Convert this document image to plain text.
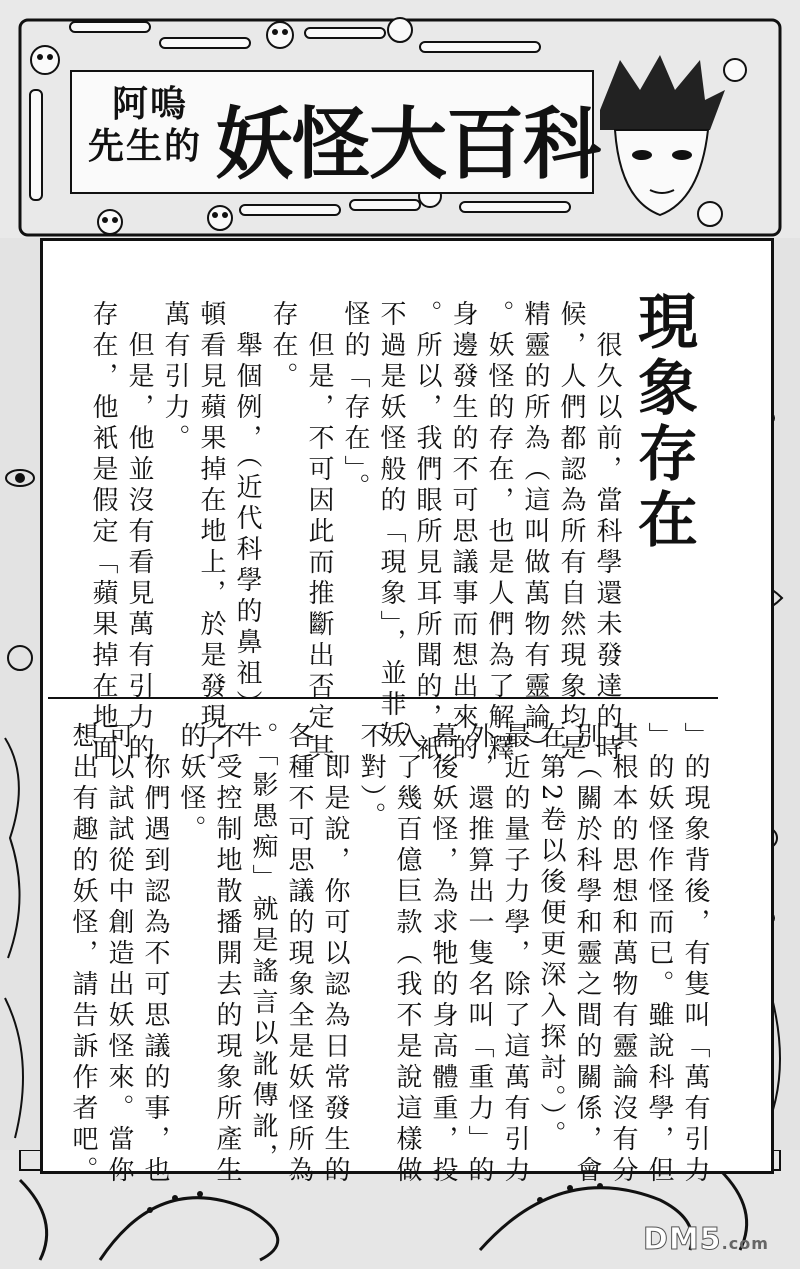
阿嗚
先生的 妖怪大百科
現象存在
　很久以前，當科學還未發達的時
候，人們都認為所有自然現象均是
精靈的所為（這叫做萬物有靈論）
。妖怪的存在，也是人們為了解釋
身邊發生的不可思議事而想出來的
。所以，我們眼所見耳所聞的，衹
不過是妖怪般的「現象」，並非妖
怪的「存在」。
　但是，不可因此而推斷出否定其
存在。
　舉個例，（近代科學的鼻祖）牛
頓看見蘋果掉在地上，於是發現了
萬有引力。
　但是，他並沒有看見萬有引力的
存在，他衹是假定「蘋果掉在地面
」的現象背後，有隻叫「萬有引力
」的妖怪作怪而已。雖說科學，但
其根本的思想和萬物有靈論沒有分
別（關於科學和靈之間的關係，會
在第2卷以後便更深入探討。）。
最近的量子力學，除了這萬有引力
外，還推算出一隻名叫「重力」的
幕後妖怪，為求牠的身高體重，投
入了幾百億巨款（我不是說這樣做
不對）。
　即是說，你可以認為日常發生的
各種不可思議的現象全是妖怪所為
。「影愚痴」就是謠言以訛傳訛，
不受控制地散播開去的現象所產生
的妖怪。
　你們遇到認為不可思議的事，也
可以試試從中創造出妖怪來。當你
想出有趣的妖怪，請告訴作者吧。
DM5.com
